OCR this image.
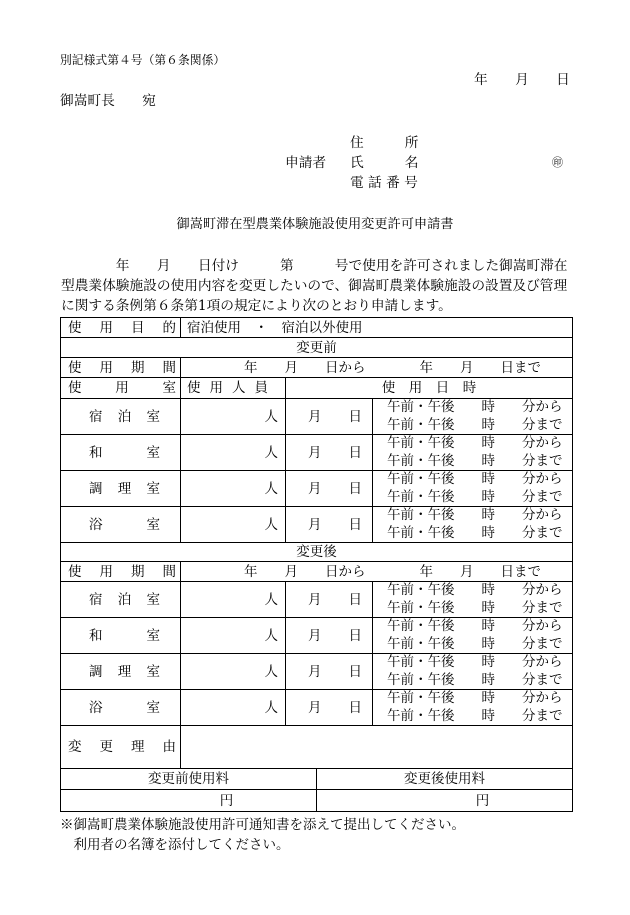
別記様式第４号（第６条関係）
年　　月　　日
御嵩町長　　宛
申請者
住　　　所
氏　　　名	㊞
電 話 番 号
御嵩町滞在型農業体験施設使用変更許可申請書
　　　　年　　月　　日付け　　　第　　　号で使用を許可されました御嵩町滞在
型農業体験施設の使用内容を変更したいので、御嵩町農業体験施設の設置及び管理
に関する条例第６条第1項の規定により次のとおり申請します。
使　用　目　的	宿泊使用　・　宿泊以外使用			
変更前				
使　用　期　間	年　　月　　日から　　　　年　　月　　日まで			
使　　用　　室	使 用 人 員	使　用　日　時		
宿　泊　室	人	月　　日		午前・午後　　時　　分から
午前・午後　　時　　分まで

和　　　室	人	月　　日		午前・午後　　時　　分から
午前・午後　　時　　分まで

調　理　室	人	月　　日		午前・午後　　時　　分から
午前・午後　　時　　分まで

浴　　　室	人	月　　日		午前・午後　　時　　分から
午前・午後　　時　　分まで

変更後				
使　用　期　間	年　　月　　日から　　　　年　　月　　日まで			
宿　泊　室	人	月　　日		午前・午後　　時　　分から
午前・午後　　時　　分まで

和　　　室	人	月　　日		午前・午後　　時　　分から
午前・午後　　時　　分まで

調　理　室	人	月　　日		午前・午後　　時　　分から
午前・午後　　時　　分まで

浴　　　室	人	月　　日		午前・午後　　時　　分から
午前・午後　　時　　分まで

変　更　理　由				
変更前使用料			変更後使用料	
円			円	
※御嵩町農業体験施設使用許可通知書を添えて提出してください。
　利用者の名簿を添付してください。
